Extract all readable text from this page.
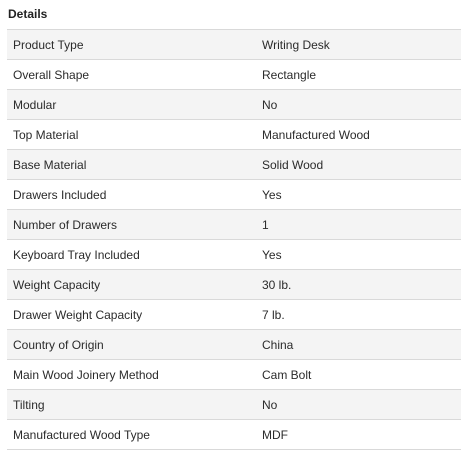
Details
Product Type	Writing Desk
Overall Shape	Rectangle
Modular	No
Top Material	Manufactured Wood
Base Material	Solid Wood
Drawers Included	Yes
Number of Drawers	1
Keyboard Tray Included	Yes
Weight Capacity	30 lb.
Drawer Weight Capacity	7 lb.
Country of Origin	China
Main Wood Joinery Method	Cam Bolt
Tilting	No
Manufactured Wood Type	MDF
